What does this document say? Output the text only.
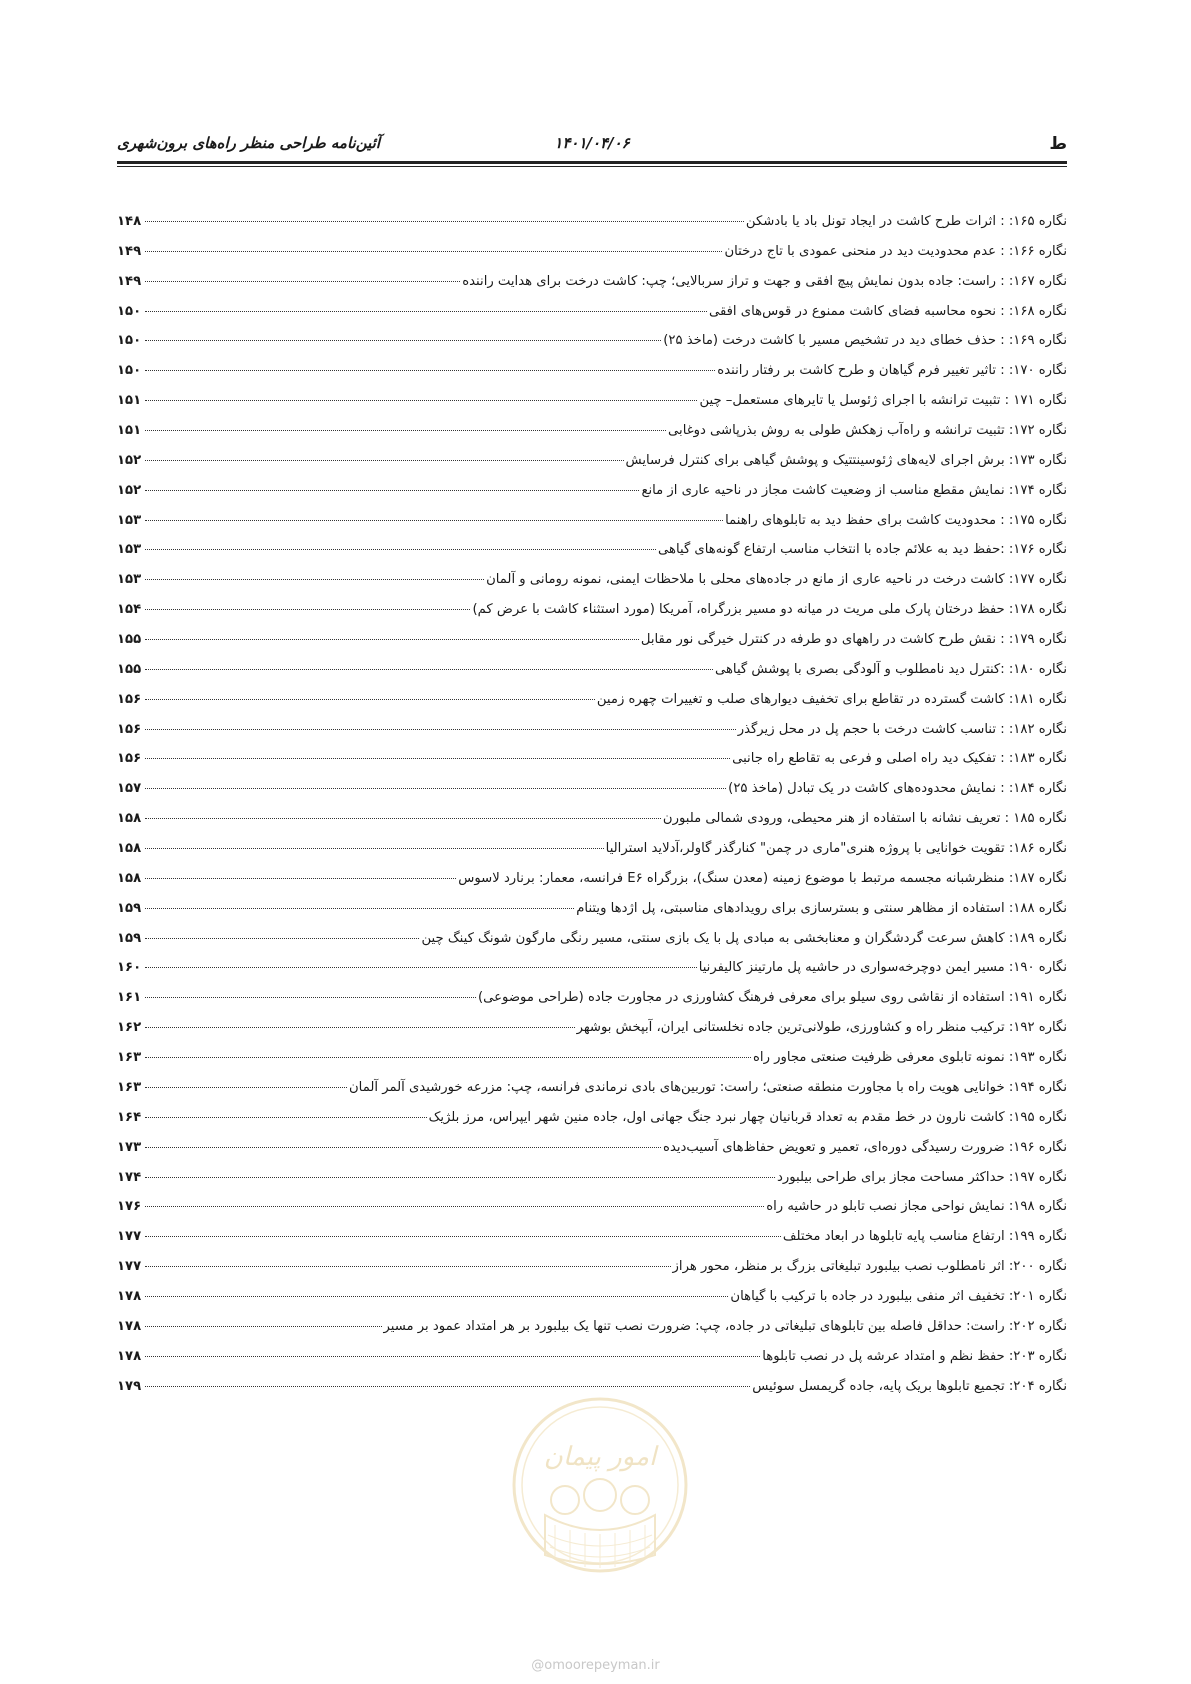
ط
۱۴۰۱/۰۴/۰۶
آئین‌نامه طراحی منظر راه‌های برون‌شهری
نگاره ۱۶۵: : اثرات طرح کاشت در ایجاد تونل باد یا بادشکن
۱۴۸
نگاره ۱۶۶: : عدم محدودیت دید در منحنی عمودی با تاج درختان
۱۴۹
نگاره ۱۶۷: : راست: جاده بدون نمایش پیچ افقی و جهت و تراز سربالایی؛ چپ: کاشت درخت برای هدایت راننده
۱۴۹
نگاره ۱۶۸: : نحوه محاسبه فضای کاشت ممنوع در قوس‌های افقی
۱۵۰
نگاره ۱۶۹: : حذف خطای دید در تشخیص مسیر با کاشت درخت (ماخذ ۲۵)
۱۵۰
نگاره ۱۷۰: : تاثیر تغییر فرم گیاهان و طرح کاشت بر رفتار راننده
۱۵۰
نگاره ۱۷۱ : تثبیت ترانشه با اجرای ژئوسل یا تایرهای مستعمل– چین
۱۵۱
نگاره ۱۷۲: تثبیت ترانشه و راه‌آب زهکش طولی به روش بذرپاشی دوغابی
۱۵۱
نگاره ۱۷۳: برش اجرای لایه‌های ژئوسینتتیک و پوشش گیاهی برای کنترل فرسایش
۱۵۲
نگاره ۱۷۴: نمایش مقطع مناسب از وضعیت کاشت مجاز در ناحیه عاری از مانع
۱۵۲
نگاره ۱۷۵: : محدودیت کاشت برای حفظ دید به تابلوهای راهنما
۱۵۳
نگاره ۱۷۶: :حفظ دید به علائم جاده با انتخاب مناسب ارتفاع گونه‌های گیاهی
۱۵۳
نگاره ۱۷۷: کاشت درخت در ناحیه عاری از مانع در جاده‌های محلی با ملاحظات ایمنی، نمونه رومانی و آلمان
۱۵۳
نگاره ۱۷۸: حفظ درختان پارک ملی مریت در میانه دو مسیر بزرگراه، آمریکا (مورد استثناء کاشت با عرض کم)
۱۵۴
نگاره ۱۷۹: : نقش طرح کاشت در راههای دو طرفه در کنترل خیرگی نور مقابل
۱۵۵
نگاره ۱۸۰: :کنترل دید نامطلوب و آلودگی بصری با پوشش گیاهی
۱۵۵
نگاره ۱۸۱: کاشت گسترده در تقاطع برای تخفیف دیوارهای صلب و تغییرات چهره زمین
۱۵۶
نگاره ۱۸۲: : تناسب کاشت درخت با حجم پل در محل زیرگذر
۱۵۶
نگاره ۱۸۳: : تفکیک دید راه اصلی و فرعی به تقاطع راه جانبی
۱۵۶
نگاره ۱۸۴: : نمایش محدوده‌های کاشت در یک تبادل (ماخذ ۲۵)
۱۵۷
نگاره ۱۸۵ : تعریف نشانه با استفاده از هنر محیطی، ورودی شمالی ملبورن
۱۵۸
نگاره ۱۸۶: تقویت خوانایی با پروژه هنری"ماری در چمن" کنارگذر گاولر،آدلاید استرالیا
۱۵۸
نگاره ۱۸۷: منظرشبانه مجسمه مرتبط با موضوع زمینه (معدن سنگ)، بزرگراه E۶ فرانسه، معمار: برنارد لاسوس
۱۵۸
نگاره ۱۸۸: استفاده از مظاهر سنتی و بسترسازی برای رویدادهای مناسبتی، پل اژدها ویتنام
۱۵۹
نگاره ۱۸۹: کاهش سرعت گردشگران و معنابخشی به مبادی پل با یک بازی سنتی، مسیر رنگی مارگون شونگ کینگ چین
۱۵۹
نگاره ۱۹۰: مسیر ایمن دوچرخه‌سواری در حاشیه پل مارتینز کالیفرنیا
۱۶۰
نگاره ۱۹۱: استفاده از نقاشی روی سیلو برای معرفی فرهنگ کشاورزی در مجاورت جاده (طراحی موضوعی)
۱۶۱
نگاره ۱۹۲: ترکیب منظر راه و کشاورزی، طولانی‌ترین جاده نخلستانی ایران، آبپخش بوشهر
۱۶۲
نگاره ۱۹۳: نمونه تابلوی معرفی ظرفیت صنعتی مجاور راه
۱۶۳
نگاره ۱۹۴: خوانایی هویت راه با مجاورت منطقه صنعتی؛ راست: توربین‌های بادی نرماندی فرانسه، چپ: مزرعه خورشیدی آلمر آلمان
۱۶۳
نگاره ۱۹۵: کاشت نارون در خط مقدم به تعداد قربانیان چهار نبرد جنگ جهانی اول، جاده منین شهر ایپراس، مرز بلژیک
۱۶۴
نگاره ۱۹۶: ضرورت رسیدگی دوره‌ای، تعمیر و تعویض حفاظ‌های آسیب‌دیده
۱۷۳
نگاره ۱۹۷: حداکثر مساحت مجاز برای طراحی بیلبورد
۱۷۴
نگاره ۱۹۸: نمایش نواحی مجاز نصب تابلو در حاشیه راه
۱۷۶
نگاره ۱۹۹: ارتفاع مناسب پایه تابلوها در ابعاد مختلف
۱۷۷
نگاره ۲۰۰: اثر نامطلوب نصب بیلبورد تبلیغاتی بزرگ بر منظر، محور هراز
۱۷۷
نگاره ۲۰۱: تخفیف اثر منفی بیلبورد در جاده با ترکیب با گیاهان
۱۷۸
نگاره ۲۰۲: راست: حداقل فاصله بین تابلوهای تبلیغاتی در جاده، چپ: ضرورت نصب تنها یک بیلبورد بر هر امتداد عمود بر مسیر
۱۷۸
نگاره ۲۰۳: حفظ نظم و امتداد عرشه پل در نصب تابلوها
۱۷۸
نگاره ۲۰۴: تجمیع تابلوها بریک پایه، جاده گریمسل سوئیس
۱۷۹
امور پیمان
@omoorepeyman.ir
